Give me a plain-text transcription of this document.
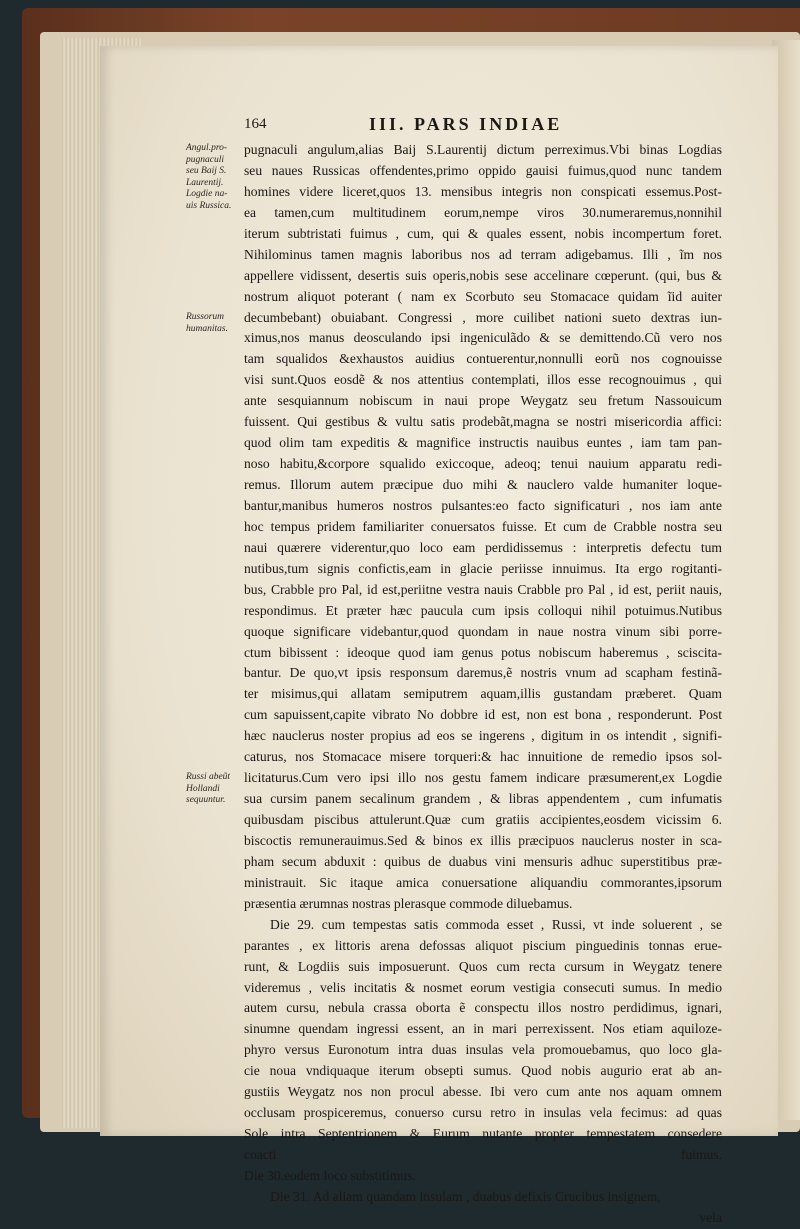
164	III. PARS INDIAE
Angul.pro-
pugnaculi
seu Baij S.
Laurentij.
Logdie na-
uis Russica.
Russorum
humanitas.
Russi abeũt
Hollandi
sequuntur.
pugnaculi angulum,alias Baij S.Laurentij dictum perreximus.Vbi binas Logdias
seu naues Russicas offendentes,primo oppido gauisi fuimus,quod nunc tandem
homines videre liceret,quos 13. mensibus integris non conspicati essemus.Post-
ea tamen,cum multitudinem eorum,nempe viros 30.numeraremus,nonnihil
iterum subtristati fuimus , cum, qui & quales essent, nobis incompertum foret.
Nihilominus tamen magnis laboribus nos ad terram adigebamus. Illi , ĩm nos
appellere vidissent, desertis suis operis,nobis sese accelinare cœperunt. (qui, bus &
nostrum aliquot poterant ( nam ex Scorbuto seu Stomacace quidam ĩid auiter
decumbebant) obuiabant. Congressi , more cuilibet nationi sueto dextras iun-
ximus,nos manus deosculando ipsi ingeniculãdo & se demittendo.Cũ vero nos
tam squalidos &exhaustos auidius contuerentur,nonnulli eorũ nos cognouisse
visi sunt.Quos eosdẽ & nos attentius contemplati, illos esse recognouimus , qui
ante sesquiannum nobiscum in naui prope Weygatz seu fretum Nassouicum
fuissent. Qui gestibus & vultu satis prodebãt,magna se nostri misericordia affici:
quod olim tam expeditis & magnifice instructis nauibus euntes , iam tam pan-
noso habitu,&corpore squalido exiccoque, adeoq; tenui nauium apparatu redi-
remus. Illorum autem præcipue duo mihi & nauclero valde humaniter loque-
bantur,manibus humeros nostros pulsantes:eo facto significaturi , nos iam ante
hoc tempus pridem familiariter conuersatos fuisse. Et cum de Crabble nostra seu
naui quærere viderentur,quo loco eam perdidissemus : interpretis defectu tum
nutibus,tum signis confictis,eam in glacie periisse innuimus. Ita ergo rogitanti-
bus, Crabble pro Pal, id est,periitne vestra nauis Crabble pro Pal , id est, periit nauis,
respondimus. Et præter hæc paucula cum ipsis colloqui nihil potuimus.Nutibus
quoque significare videbantur,quod quondam in naue nostra vinum sibi porre-
ctum bibissent : ideoque quod iam genus potus nobiscum haberemus , sciscita-
bantur. De quo,vt ipsis responsum daremus,ẽ nostris vnum ad scapham festinã-
ter misimus,qui allatam semiputrem aquam,illis gustandam præberet. Quam
cum sapuissent,capite vibrato No dobbre id est, non est bona , responderunt. Post
hæc nauclerus noster propius ad eos se ingerens , digitum in os intendit , signifi-
caturus, nos Stomacace misere torqueri:& hac innuitione de remedio ipsos sol-
licitaturus.Cum vero ipsi illo nos gestu famem indicare præsumerent,ex Logdie
sua cursim panem secalinum grandem , & libras appendentem , cum infumatis
quibusdam piscibus attulerunt.Quæ cum gratiis accipientes,eosdem vicissim 6.
biscoctis remunerauimus.Sed & binos ex illis præcipuos nauclerus noster in sca-
pham secum abduxit : quibus de duabus vini mensuris adhuc superstitibus præ-
ministrauit. Sic itaque amica conuersatione aliquandiu commorantes,ipsorum
præsentia ærumnas nostras plerasque commode diluebamus.
Die 29. cum tempestas satis commoda esset , Russi, vt inde soluerent , se
parantes , ex littoris arena defossas aliquot piscium pinguedinis tonnas erue-
runt, & Logdiis suis imposuerunt. Quos cum recta cursum in Weygatz tenere
videremus , velis incitatis & nosmet eorum vestigia consecuti sumus. In medio
autem cursu, nebula crassa oborta ẽ conspectu illos nostro perdidimus, ignari,
sinumne quendam ingressi essent, an in mari perrexissent. Nos etiam aquiloze-
phyro versus Euronotum intra duas insulas vela promouebamus, quo loco gla-
cie noua vndiquaque iterum obsepti sumus. Quod nobis augurio erat ab an-
gustiis Weygatz nos non procul abesse. Ibi vero cum ante nos aquam omnem
occlusam prospiceremus, conuerso cursu retro in insulas vela fecimus: ad quas
Sole intra Septentrionem & Eurum nutante propter tempestatem consedere
coacti fuimus.
Die 30.eodem loco substitimus.
Die 31. Ad aliam quandam insulam , duabus defixis Crucibus insignem,
vela
